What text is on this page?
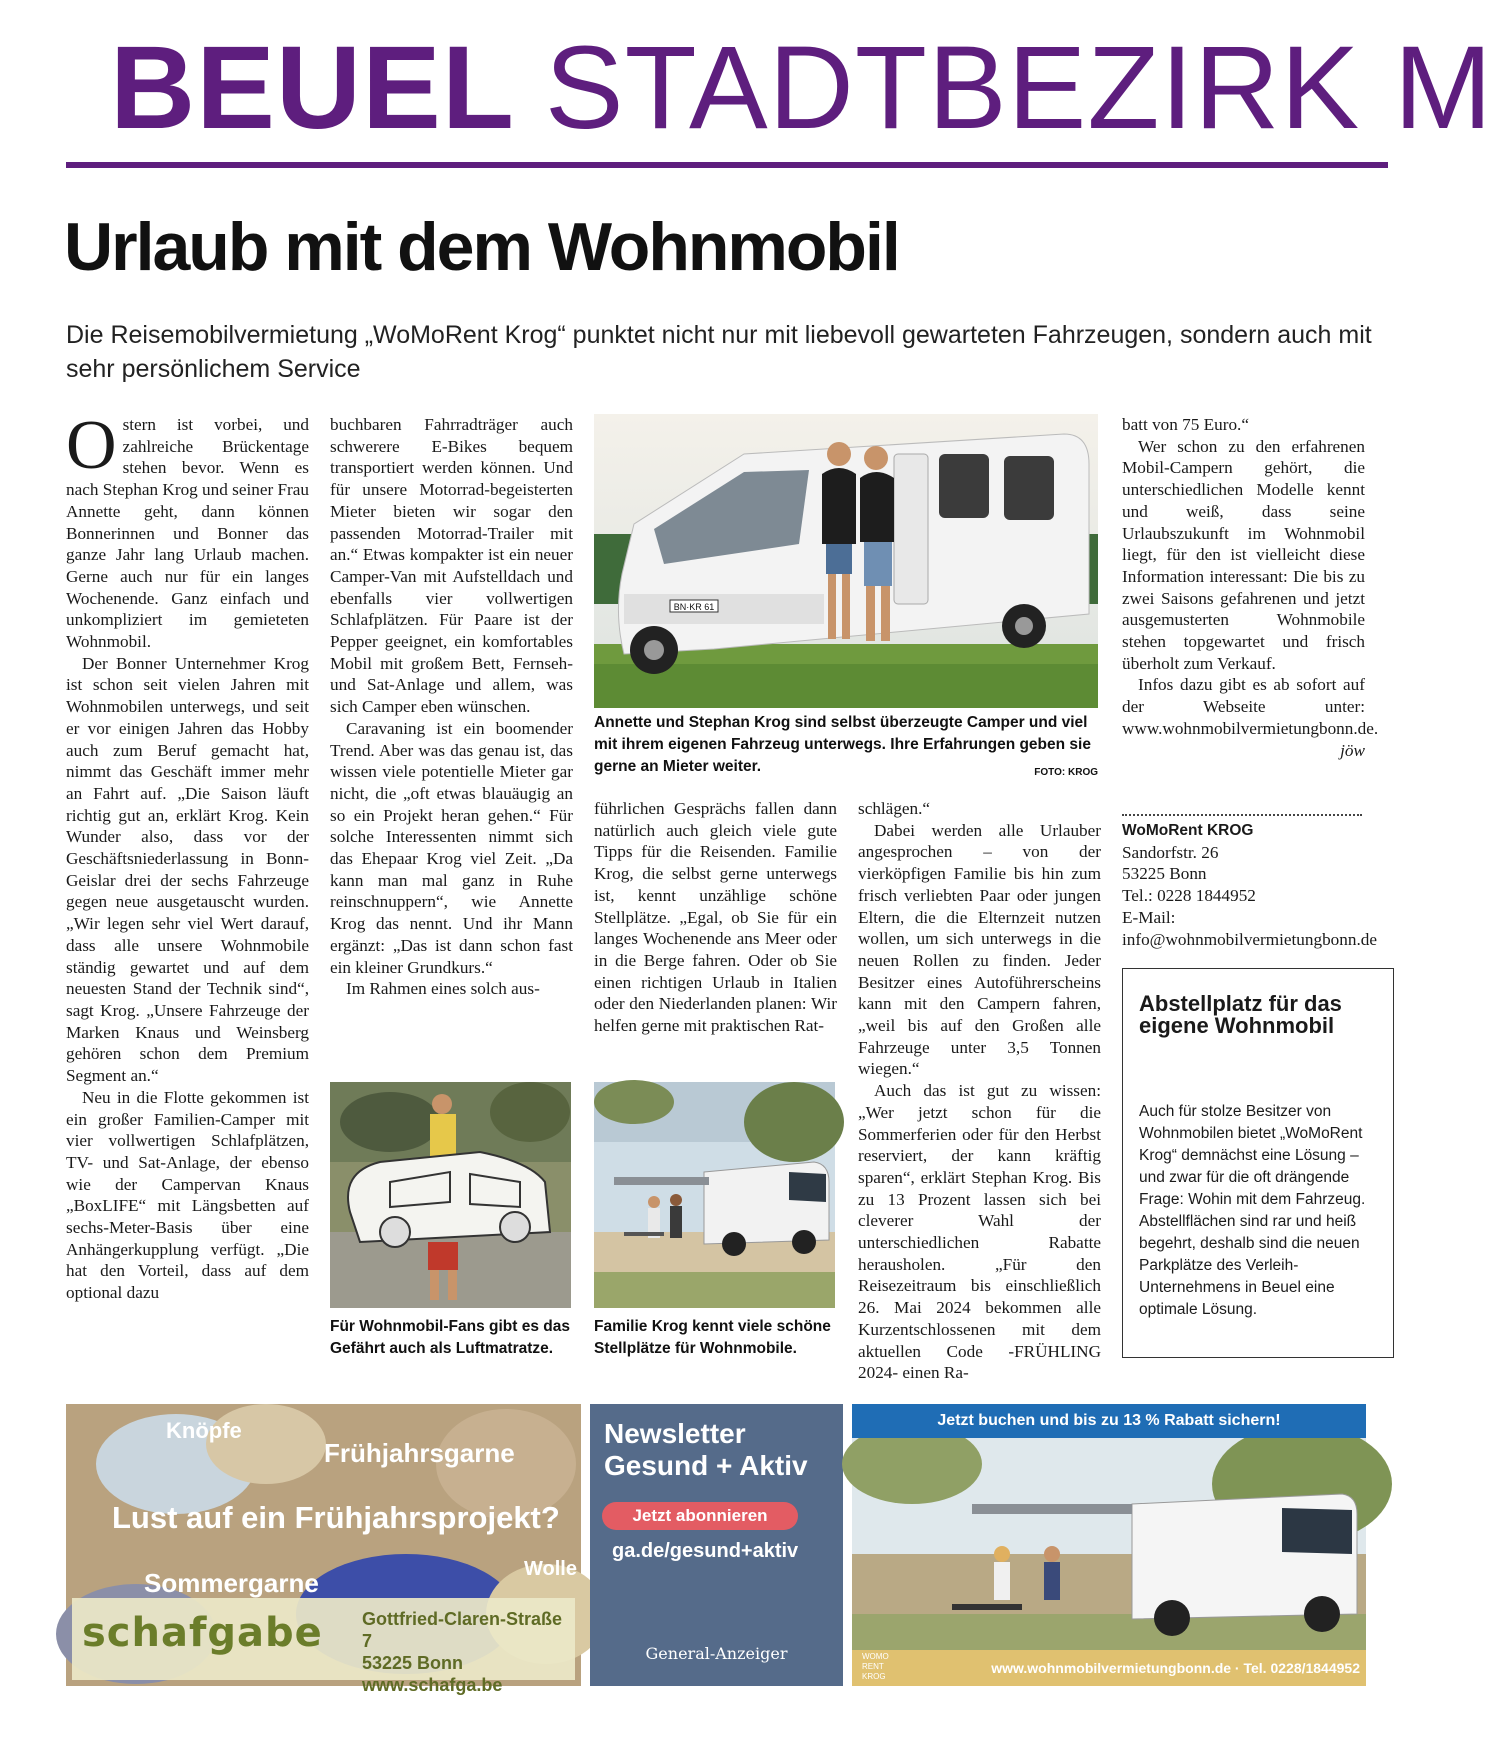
BEUEL STADTBEZIRK M
Urlaub mit dem Wohnmobil
Die Reisemobilvermietung „WoMoRent Krog“ punktet nicht nur mit liebevoll gewarteten Fahrzeugen, sondern auch mit sehr persönlichem Service

Ostern ist vorbei, und zahlreiche Brückentage stehen bevor. Wenn es nach Stephan Krog und seiner Frau Annette geht, dann können Bonnerinnen und Bonner das ganze Jahr lang Urlaub machen. Gerne auch nur für ein langes Wochenende. Ganz einfach und unkompliziert im gemieteten Wohnmobil.

Der Bonner Unternehmer Krog ist schon seit vielen Jahren mit Wohnmobilen unterwegs, und seit er vor einigen Jahren das Hobby auch zum Beruf gemacht hat, nimmt das Geschäft immer mehr an Fahrt auf. „Die Saison läuft richtig gut an, erklärt Krog. Kein Wunder also, dass vor der Geschäftsniederlassung in Bonn-Geislar drei der sechs Fahrzeuge gegen neue ausgetauscht wurden. „Wir legen sehr viel Wert darauf, dass alle unsere Wohnmobile ständig gewartet und auf dem neuesten Stand der Technik sind“, sagt Krog. „Unsere Fahrzeuge der Marken Knaus und Weinsberg gehören schon dem Premium Segment an.“

Neu in die Flotte gekommen ist ein großer Familien-Camper mit vier vollwertigen Schlafplätzen, TV- und Sat-Anlage, der ebenso wie der Campervan Knaus „BoxLIFE“ mit Längsbetten auf sechs-Meter-Basis über eine Anhängerkupplung verfügt. „Die hat den Vorteil, dass auf dem optional dazu

buchbaren Fahrradträger auch schwerere E-Bikes bequem transportiert werden können. Und für unsere Motorrad-begeisterten Mieter bieten wir sogar den passenden Motorrad-Trailer mit an.“ Etwas kompakter ist ein neuer Camper-Van mit Aufstelldach und ebenfalls vier vollwertigen Schlafplätzen. Für Paare ist der Pepper geeignet, ein komfortables Mobil mit großem Bett, Fernseh- und Sat-Anlage und allem, was sich Camper eben wünschen.

Caravaning ist ein boomender Trend. Aber was das genau ist, das wissen viele potentielle Mieter gar nicht, die „oft etwas blauäugig an so ein Projekt heran gehen.“ Für solche Interessenten nimmt sich das Ehepaar Krog viel Zeit. „Da kann man mal ganz in Ruhe reinschnuppern“, wie Annette Krog das nennt. Und ihr Mann ergänzt: „Das ist dann schon fast ein kleiner Grundkurs.“

Im Rahmen eines solch aus-

BN·KR 61
Annette und Stephan Krog sind selbst überzeugte Camper und viel mit ihrem eigenen Fahrzeug unterwegs. Ihre Erfahrungen geben sie gerne an Mieter weiter.	FOTO: KROG

führlichen Gesprächs fallen dann natürlich auch gleich viele gute Tipps für die Reisenden. Familie Krog, die selbst gerne unterwegs ist, kennt unzählige schöne Stellplätze. „Egal, ob Sie für ein langes Wochenende ans Meer oder in die Berge fahren. Oder ob Sie einen richtigen Urlaub in Italien oder den Niederlanden planen: Wir helfen gerne mit praktischen Rat-

schlägen.“

Dabei werden alle Urlauber angesprochen – von der vierköpfigen Familie bis hin zum frisch verliebten Paar oder jungen Eltern, die die Elternzeit nutzen wollen, um sich unterwegs in die neuen Rollen zu finden. Jeder Besitzer eines Autoführerscheins kann mit den Campern fahren, „weil bis auf den Großen alle Fahrzeuge unter 3,5 Tonnen wiegen.“

Auch das ist gut zu wissen: „Wer jetzt schon für die Sommerferien oder für den Herbst reserviert, der kann kräftig sparen“, erklärt Stephan Krog. Bis zu 13 Prozent lassen sich bei cleverer Wahl der unterschiedlichen Rabatte herausholen. „Für den Reisezeitraum bis einschließlich 26. Mai 2024 bekommen alle Kurzentschlossenen mit dem aktuellen Code -FRÜHLING 2024- einen Ra-

batt von 75 Euro.“

Wer schon zu den erfahrenen Mobil-Campern gehört, die unterschiedlichen Modelle kennt und weiß, dass seine Urlaubszukunft im Wohnmobil liegt, für den ist vielleicht diese Information interessant: Die bis zu zwei Saisons gefahrenen und jetzt ausgemusterten Wohnmobile stehen topgewartet und frisch überholt zum Verkauf.

Infos dazu gibt es ab sofort auf der Webseite unter: www.wohnmobilvermietungbonn.de.

jöw

WoMoRent KROG
Sandorfstr. 26
53225 Bonn
Tel.: 0228 1844952
E-Mail: info@wohnmobilvermietungbonn.de
Abstellplatz für das eigene Wohnmobil
Auch für stolze Besitzer von Wohnmobilen bietet „WoMoRent Krog“ demnächst eine Lösung – und zwar für die oft drängende Frage: Wohin mit dem Fahrzeug. Abstellflächen sind rar und heiß begehrt, deshalb sind die neuen Parkplätze des Verleih-Unternehmens in Beuel eine optimale Lösung.
Für Wohnmobil-Fans gibt es das Gefährt auch als Luftmatratze.
Familie Krog kennt viele schöne Stellplätze für Wohnmobile.
Knöpfe
Frühjahrsgarne
Lust auf ein Frühjahrsprojekt?
Wolle
Sommergarne
schafgabe Gottfried-Claren-Straße 7
53225 Bonn
www.schafga.be
Newsletter
Gesund + Aktiv
Jetzt abonnieren
ga.de/gesund+aktiv
General-Anzeiger
Jetzt buchen und bis zu 13 % Rabatt sichern!
WOMO
RENT
KROG
www.wohnmobilvermietungbonn.de · Tel. 0228/1844952
